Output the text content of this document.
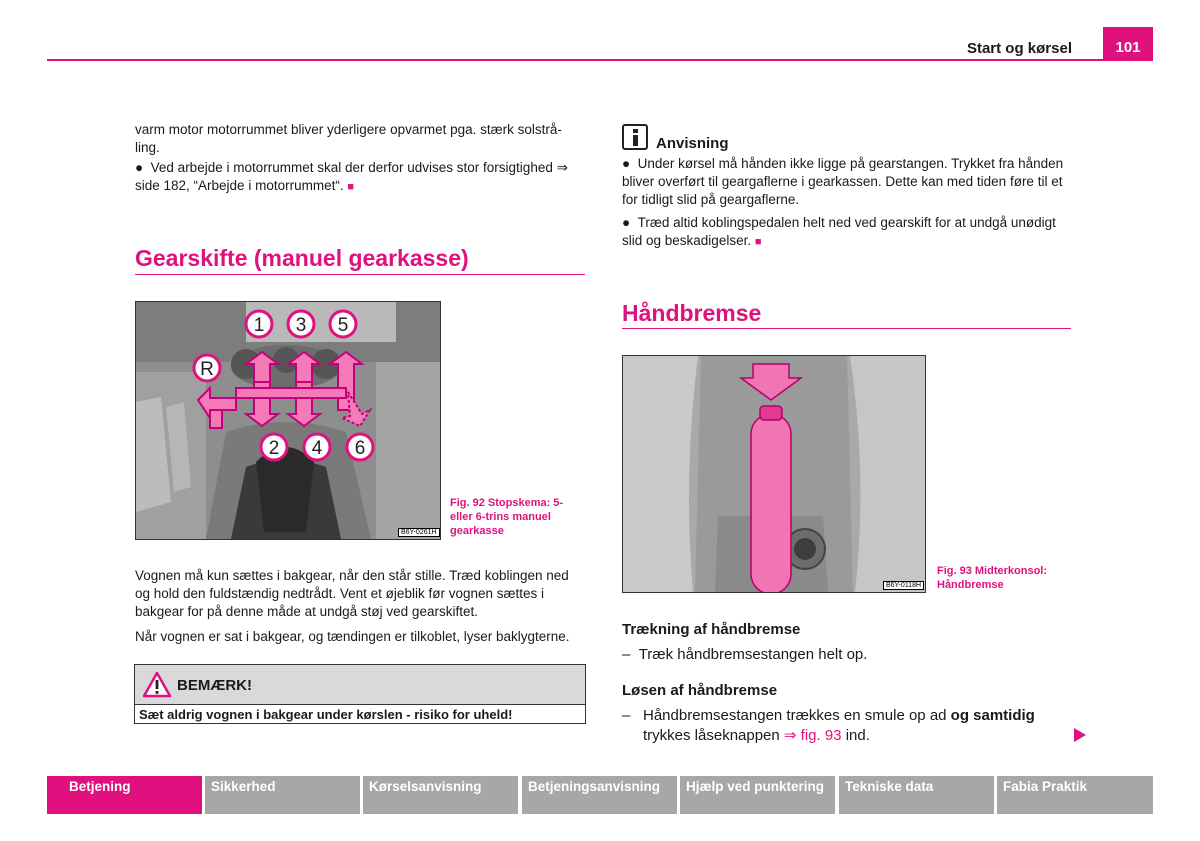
Start og kørsel	101
varm motor motorrummet bliver yderligere opvarmet pga. stærk solstrå-ling.
●  Ved arbejde i motorrummet skal der derfor udvises stor forsigtighed ⇒ side 182, “Arbejde i motorrummet“. ■
Gearskifte (manuel gearkasse)
1 3 5
R
2 4 6
B6Y-0261H
Fig. 92 Stopskema: 5-eller 6-trins manuel gearkasse
Vognen må kun sættes i bakgear, når den står stille. Træd koblingen ned og hold den fuldstændig nedtrådt. Vent et øjeblik før vognen sættes i bakgear for på denne måde at undgå støj ved gearskiftet.
Når vognen er sat i bakgear, og tændingen er tilkoblet, lyser baklygterne.
BEMÆRK!
Sæt aldrig vognen i bakgear under kørslen - risiko for uheld!
Anvisning
●  Under kørsel må hånden ikke ligge på gearstangen. Trykket fra hånden bliver overført til geargaflerne i gearkassen. Dette kan med tiden føre til et for tidligt slid på geargaflerne.
●  Træd altid koblingspedalen helt ned ved gearskift for at undgå unødigt slid og beskadigelser. ■
Håndbremse
B6Y-0118H
Fig. 93 Midterkonsol: Håndbremse
Trækning af håndbremse
–  Træk håndbremsestangen helt op.
Løsen af håndbremse
– Håndbremsestangen trækkes en smule op ad og samtidig trykkes låseknappen ⇒ fig. 93 ind.
Betjening	Sikkerhed	Kørselsanvisning	Betjeningsanvisning	Hjælp ved punktering	Tekniske data	Fabia Praktik
